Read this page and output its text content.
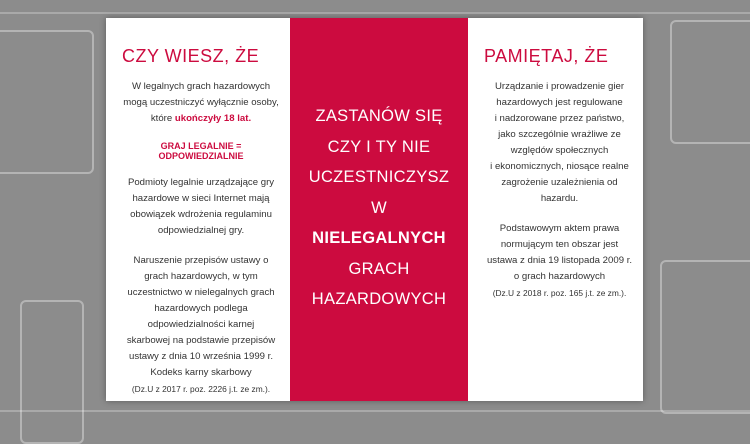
CZY WIESZ, ŻE

W legalnych grach hazardowych

mogą uczestniczyć wyłącznie osoby,

które ukończyły 18 lat.

GRAJ LEGALNIE = ODPOWIEDZIALNIE

Podmioty legalnie urządzające gry

hazardowe w sieci Internet mają

obowiązek wdrożenia regulaminu

odpowiedzialnej gry.

Naruszenie przepisów ustawy o

grach hazardowych, w tym

uczestnictwo w nielegalnych grach

hazardowych podlega

odpowiedzialności karnej

skarbowej na podstawie przepisów

ustawy z dnia 10 września 1999 r.

Kodeks karny skarbowy

(Dz.U z 2017 r. poz. 2226 j.t. ze zm.).

ZASTANÓW SIĘ
CZY I TY NIE
UCZESTNICZYSZ
W
NIELEGALNYCH
GRACH
HAZARDOWYCH
PAMIĘTAJ, ŻE

Urządzanie i prowadzenie gier

hazardowych jest regulowane

i nadzorowane przez państwo,

jako szczególnie wrażliwe ze

względów społecznych

i ekonomicznych, niosące realne

zagrożenie uzależnienia od

hazardu.

Podstawowym aktem prawa

normującym ten obszar jest

ustawa z dnia 19 listopada 2009 r.

o grach hazardowych

(Dz.U z 2018 r. poz. 165 j.t. ze zm.).
